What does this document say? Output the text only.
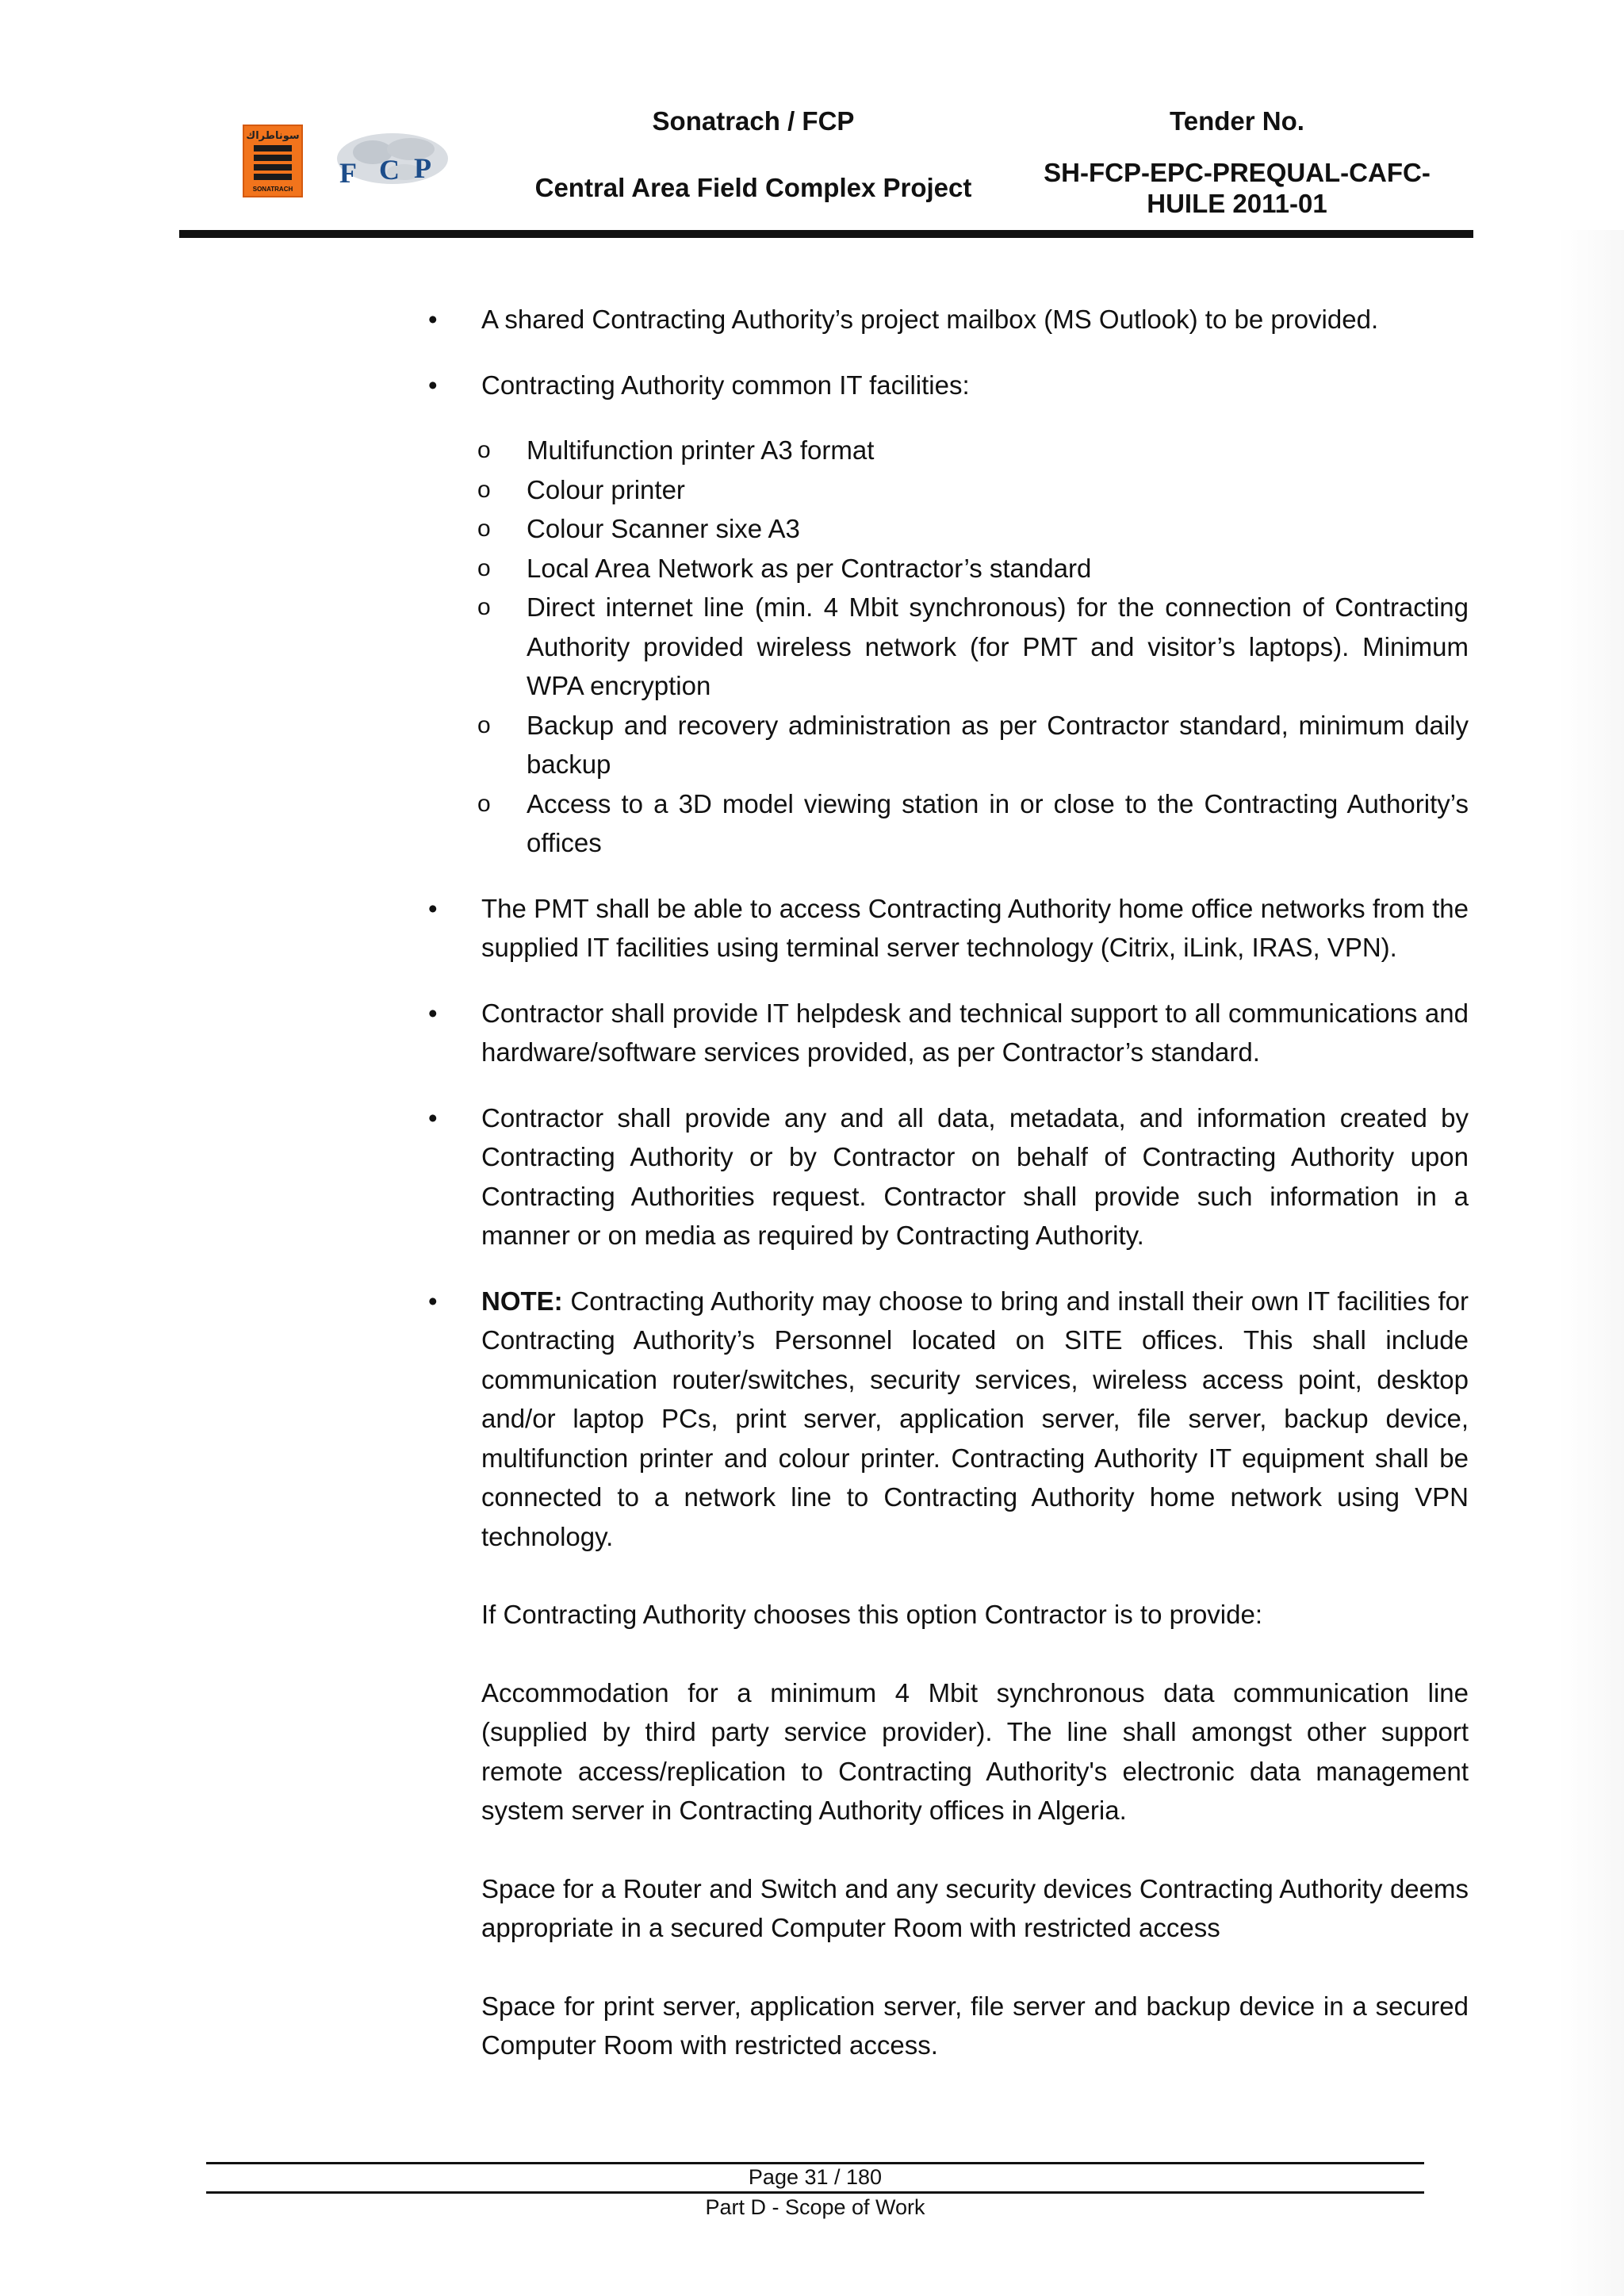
سوناطراك
SONATRACH
F C P
Sonatrach / FCP
Central Area Field Complex Project
Tender No.
SH-FCP-EPC-PREQUAL-CAFC-
HUILE 2011-01
• A shared Contracting Authority’s project mailbox (MS Outlook) to be provided.
• Contracting Authority common IT facilities:
o Multifunction printer A3 format
o Colour printer
o Colour Scanner sixe A3
o Local Area Network as per Contractor’s standard
o Direct internet line (min. 4 Mbit synchronous) for the connection of Contracting Authority provided wireless network (for PMT and visitor’s laptops). Minimum WPA encryption
o Backup and recovery administration as per Contractor standard, minimum daily backup
o Access to a 3D model viewing station in or close to the Contracting Authority’s offices
• The PMT shall be able to access Contracting Authority home office networks from the supplied IT facilities using terminal server technology (Citrix, iLink, IRAS, VPN).
• Contractor shall provide IT helpdesk and technical support to all communications and hardware/software services provided, as per Contractor’s standard.
• Contractor shall provide any and all data, metadata, and information created by Contracting Authority or by Contractor on behalf of Contracting Authority upon Contracting Authorities request. Contractor shall provide such information in a manner or on media as required by Contracting Authority.
• NOTE: Contracting Authority may choose to bring and install their own IT facilities for Contracting Authority’s Personnel located on SITE offices. This shall include communication router/switches, security services, wireless access point, desktop and/or laptop PCs, print server, application server, file server, backup device, multifunction printer and colour printer. Contracting Authority IT equipment shall be connected to a network line to Contracting Authority home network using VPN technology.
If Contracting Authority chooses this option Contractor is to provide:
Accommodation for a minimum 4 Mbit synchronous data communication line (supplied by third party service provider). The line shall amongst other support remote access/replication to Contracting Authority's electronic data management system server in Contracting Authority offices in Algeria.
Space for a Router and Switch and any security devices Contracting Authority deems appropriate in a secured Computer Room with restricted access
Space for print server, application server, file server and backup device in a secured Computer Room with restricted access.
Page 31 / 180
Part D - Scope of Work
